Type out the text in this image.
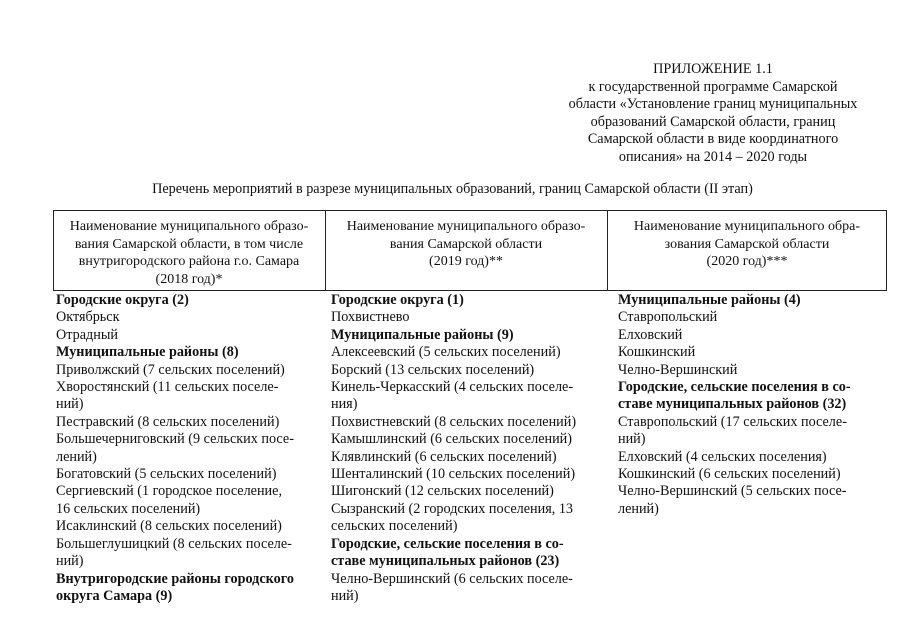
ПРИЛОЖЕНИЕ 1.1
к государственной программе Самарской
области «Установление границ муниципальных
образований Самарской области, границ
Самарской области в виде координатного
описания» на 2014 – 2020 годы
Перечень мероприятий в разрезе муниципальных образований, границ Самарской области (II этап)
Наименование муниципального образо-
вания Самарской области, в том числе
внутригородского района г.о. Самара
(2018 год)*
Наименование муниципального образо-
вания Самарской области
(2019 год)**
Наименование муниципального обра-
зования Самарской области
(2020 год)***
Городские округа (2)
Октябрьск
Отрадный
Муниципальные районы (8)
Приволжский (7 сельских поселений)
Хворостянский (11 сельских поселе-
ний)
Пестравский (8 сельских поселений)
Большечерниговский (9 сельских посе-
лений)
Богатовский (5 сельских поселений)
Сергиевский (1 городское поселение,
16 сельских поселений)
Исаклинский (8 сельских поселений)
Большеглушицкий (8 сельских поселе-
ний)
Внутригородские районы городского
округа Самара (9)
Городские округа (1)
Похвистнево
Муниципальные районы (9)
Алексеевский (5 сельских поселений)
Борский (13 сельских поселений)
Кинель-Черкасский (4 сельских поселе-
ния)
Похвистневский (8 сельских поселений)
Камышлинский (6 сельских поселений)
Клявлинский (6 сельских поселений)
Шенталинский (10 сельских поселений)
Шигонский (12 сельских поселений)
Сызранский (2 городских поселения, 13
сельских поселений)
Городские, сельские поселения в со-
ставе муниципальных районов (23)
Челно-Вершинский (6 сельских поселе-
ний)
Муниципальные районы (4)
Ставропольский
Елховский
Кошкинский
Челно-Вершинский
Городские, сельские поселения в со-
ставе муниципальных районов (32)
Ставропольский (17 сельских поселе-
ний)
Елховский (4 сельских поселения)
Кошкинский (6 сельских поселений)
Челно-Вершинский (5 сельских посе-
лений)
